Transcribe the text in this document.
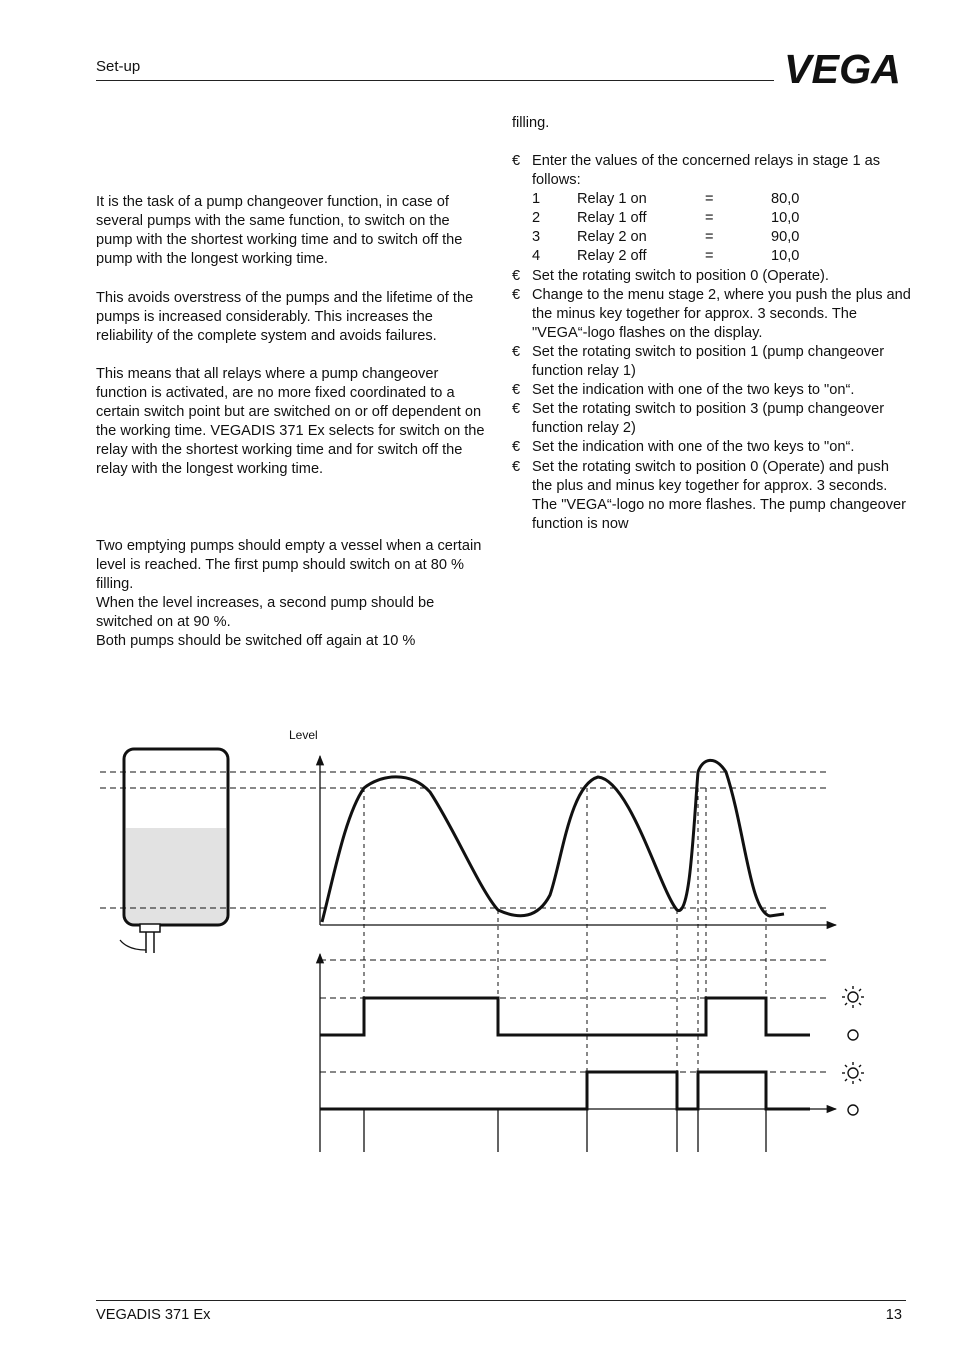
Set-up	VEGA

It is the task of a pump changeover function, in case of several pumps with the same function, to switch on the pump with the shortest working time and to switch off the pump with the longest working time.

This avoids overstress of the pumps and the lifetime of the pumps is increased considerably. This increases the reliability of the complete system and avoids failures.

This means that all relays where a pump changeover function is activated, are no more fixed coordinated to a certain switch point but are switched on or off dependent on the working time. VEGADIS 371 Ex selects for switch on the relay with the shortest working time and for switch off the relay with the longest working time.

Two emptying pumps should empty a vessel when a certain level is reached. The first pump should switch on at 80 % filling.

When the level increases, a second pump should be switched on at 90 %.

Both pumps should be switched off again at 10 %

filling.

€ Enter the values of the concerned relays in stage 1 as follows:
1	Relay 1 on	=	80,0
2	Relay 1 off	=	10,0
3	Relay 2 on	=	90,0
4	Relay 2 off	=	10,0
€ Set the rotating switch to position 0 (Operate).
€ Change to the menu stage 2, where you push the plus and the minus key together for approx. 3 seconds. The "VEGA“-logo flashes on the display.
€ Set the rotating switch to position 1 (pump changeover function relay 1)
€ Set the indication with one of the two keys to "on“.
€ Set the rotating switch to position 3 (pump changeover function relay 2)
€ Set the indication with one of the two keys to "on“.
€ Set the rotating switch to position 0 (Operate) and push the plus and minus key together for approx. 3 seconds. The "VEGA“-logo no more flashes. The pump changeover function is now
Level
VEGADIS 371 Ex	13
